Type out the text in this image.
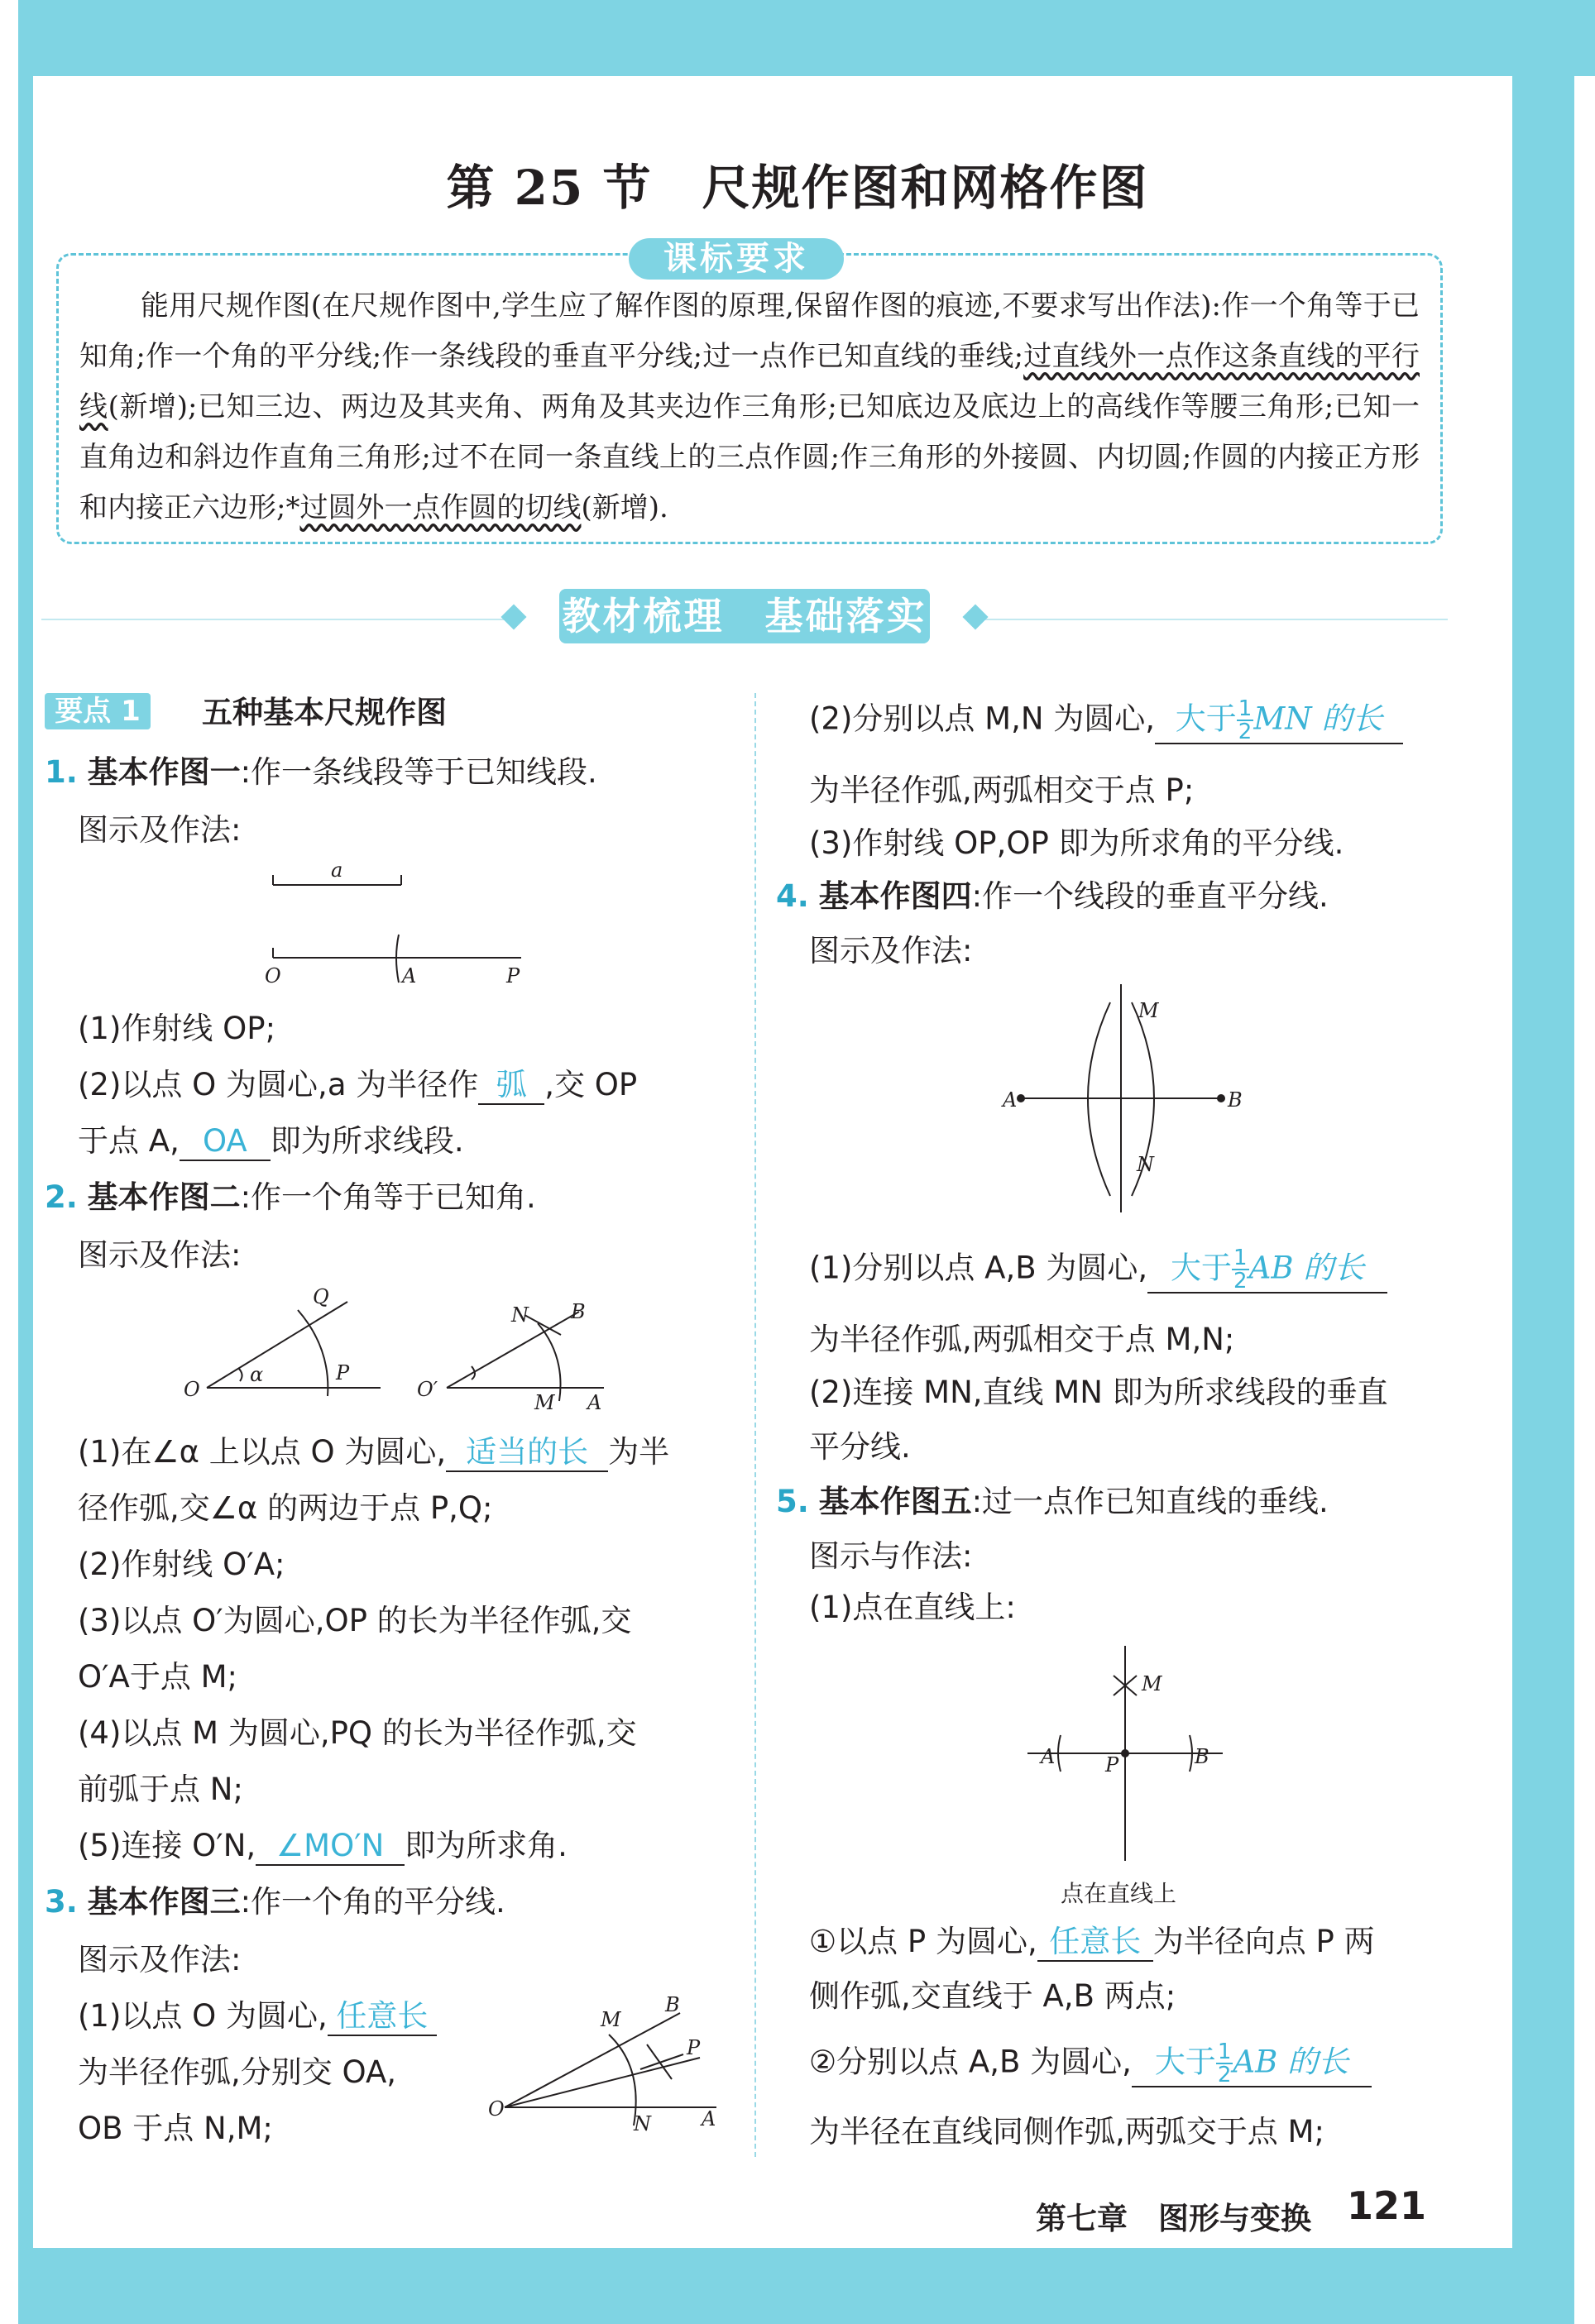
第 25 节　尺规作图和网格作图
课标要求
能用尺规作图(在尺规作图中,学生应了解作图的原理,保留作图的痕迹,不要求写出作法):作一个角等于已知角;作一个角的平分线;作一条线段的垂直平分线;过一点作已知直线的垂线;过直线外一点作这条直线的平行线(新增);已知三边、两边及其夹角、两角及其夹边作三角形;已知底边及底边上的高线作等腰三角形;已知一直角边和斜边作直角三角形;过不在同一条直线上的三点作圆;作三角形的外接圆、内切圆;作圆的内接正方形和内接正六边形;*过圆外一点作圆的切线(新增).
教材梳理　基础落实
要点 1	五种基本尺规作图
1. 基本作图一:作一条线段等于已知线段.
图示及作法:
a
O	A	P
(1)作射线 OP;
(2)以点 O 为圆心,a 为半径作 弧 ,交 OP
于点 A, OA 即为所求线段.
2. 基本作图二:作一个角等于已知角.
图示及作法:
O
α	P
Q
O′
N B
M A
(1)在∠α 上以点 O 为圆心, 适当的长 为半
径作弧,交∠α 的两边于点 P,Q;
(2)作射线 O′A;
(3)以点 O′为圆心,OP 的长为半径作弧,交
O′A于点 M;
(4)以点 M 为圆心,PQ 的长为半径作弧,交
前弧于点 N;
(5)连接 O′N, ∠MO′N 即为所求角.
3. 基本作图三:作一个角的平分线.
图示及作法:
(1)以点 O 为圆心, 任意长
为半径作弧,分别交 OA,
OB 于点 N,M;
O
M
B
P
N	A
(2)分别以点 M,N 为圆心, 大于 $\frac{1}{2}$ MN 的长
为半径作弧,两弧相交于点 P;
(3)作射线 OP,OP 即为所求角的平分线.
4. 基本作图四:作一个线段的垂直平分线.
图示及作法:
A	B
M
N
(1)分别以点 A,B 为圆心, 大于 $\frac{1}{2}$ AB 的长
为半径作弧,两弧相交于点 M,N;
(2)连接 MN,直线 MN 即为所求线段的垂直
平分线.
5. 基本作图五:过一点作已知直线的垂线.
图示与作法:
(1)点在直线上:
A	P	B
M
点在直线上
①以点 P 为圆心, 任意长 为半径向点 P 两
侧作弧,交直线于 A,B 两点;
②分别以点 A,B 为圆心, 大于 $\frac{1}{2}$ AB 的长
为半径在直线同侧作弧,两弧交于点 M;
第七章　图形与变换 121
